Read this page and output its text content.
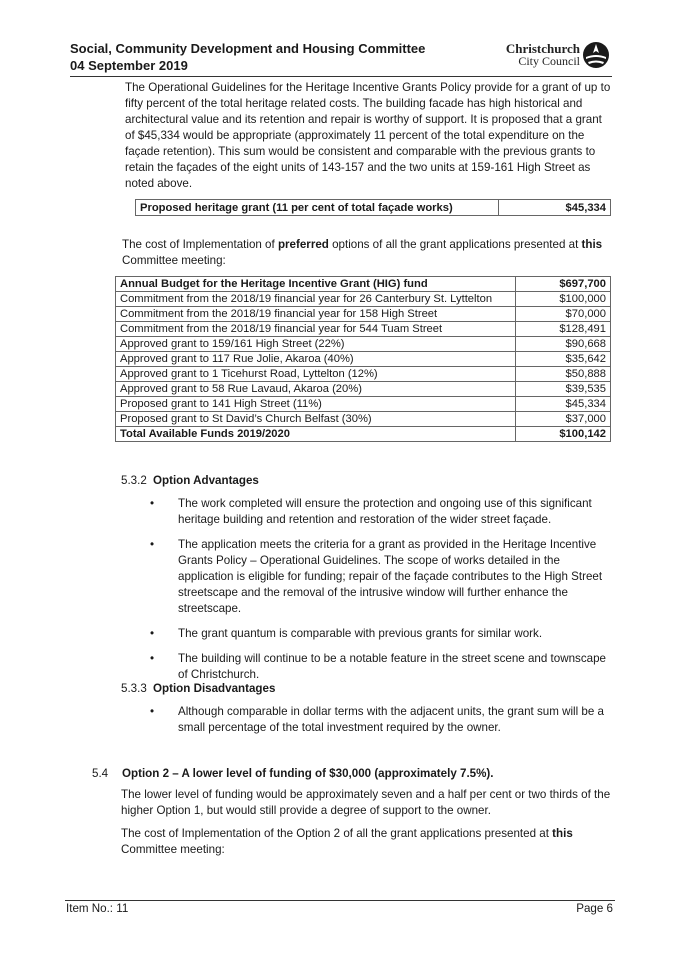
Social, Community Development and Housing Committee
04 September 2019
Christchurch
City Council
The Operational Guidelines for the Heritage Incentive Grants Policy provide for a grant of up to fifty percent of the total heritage related costs. The building facade has high historical and architectural value and its retention and repair is worthy of support. It is proposed that a grant of $45,334 would be appropriate (approximately 11 percent of the total expenditure on the façade retention). This sum would be consistent and comparable with the previous grants to retain the façades of the eight units of 143-157 and the two units at 159-161 High Street as noted above.
Proposed heritage grant (11 per cent of total façade works)	$45,334
The cost of Implementation of preferred options of all the grant applications presented at this Committee meeting:
Annual Budget for the Heritage Incentive Grant (HIG) fund	$697,700
Commitment from the 2018/19 financial year for 26 Canterbury St. Lyttelton	$100,000
Commitment from the 2018/19 financial year for 158 High Street	$70,000
Commitment from the 2018/19 financial year for 544 Tuam Street	$128,491
Approved grant to 159/161 High Street (22%)	$90,668
Approved grant to 117 Rue Jolie, Akaroa (40%)	$35,642
Approved grant to 1 Ticehurst Road, Lyttelton (12%)	$50,888
Approved grant to 58 Rue Lavaud, Akaroa (20%)	$39,535
Proposed grant to 141 High Street (11%)	$45,334
Proposed grant to St David’s Church Belfast (30%)	$37,000
Total Available Funds 2019/2020	$100,142
5.3.2 Option Advantages
• The work completed will ensure the protection and ongoing use of this significant heritage building and retention and restoration of the wider street façade.
• The application meets the criteria for a grant as provided in the Heritage Incentive Grants Policy – Operational Guidelines. The scope of works detailed in the application is eligible for funding; repair of the façade contributes to the High Street streetscape and the removal of the intrusive window will further enhance the streetscape.
• The grant quantum is comparable with previous grants for similar work.
• The building will continue to be a notable feature in the street scene and townscape of Christchurch.
5.3.3 Option Disadvantages
• Although comparable in dollar terms with the adjacent units, the grant sum will be a small percentage of the total investment required by the owner.
5.4 Option 2 – A lower level of funding of $30,000 (approximately 7.5%).
The lower level of funding would be approximately seven and a half per cent or two thirds of the higher Option 1, but would still provide a degree of support to the owner.
The cost of Implementation of the Option 2 of all the grant applications presented at this Committee meeting:
Item No.: 11	Page 6
